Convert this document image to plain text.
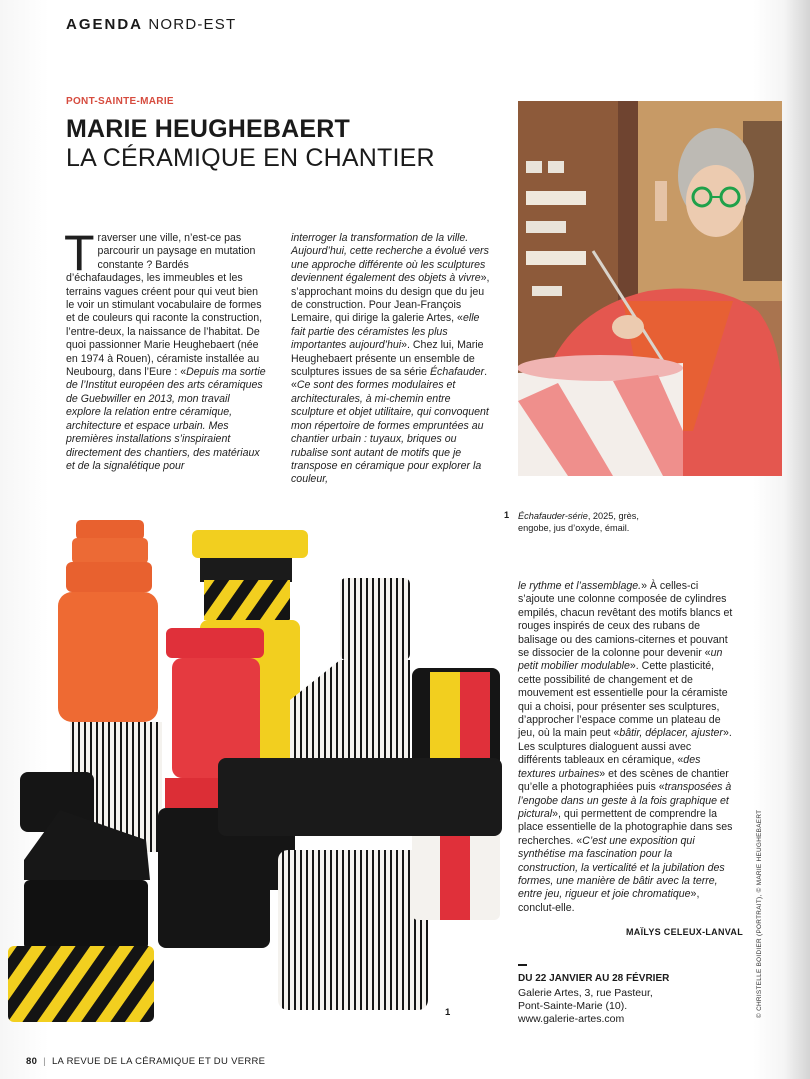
AGENDA NORD-EST
PONT-SAINTE-MARIE
MARIE HEUGHEBAERT
LA CÉRAMIQUE EN CHANTIER
Traverser une ville, n’est-ce pas parcourir un paysage en mutation constante ? Bardés d’échafaudages, les immeubles et les terrains vagues créent pour qui veut bien le voir un stimulant vocabulaire de formes et de couleurs qui raconte la construction, l’entre-deux, la naissance de l’habitat. De quoi passionner Marie Heughebaert (née en 1974 à Rouen), céramiste installée au Neubourg, dans l’Eure : «Depuis ma sortie de l’Institut européen des arts céramiques de Guebwiller en 2013, mon travail explore la relation entre céramique, architecture et espace urbain. Mes premières installations s’inspiraient directement des chantiers, des matériaux et de la signalétique pour
interroger la transformation de la ville. Aujourd’hui, cette recherche a évolué vers une approche différente où les sculptures deviennent également des objets à vivre», s’approchant moins du design que du jeu de construction. Pour Jean-François Lemaire, qui dirige la galerie Artes, «elle fait partie des céramistes les plus importantes aujourd’hui». Chez lui, Marie Heughebaert présente un ensemble de sculptures issues de sa série Échafauder. «Ce sont des formes modulaires et architecturales, à mi-chemin entre sculpture et objet utilitaire, qui convoquent mon répertoire de formes empruntées au chantier urbain : tuyaux, briques ou rubalise sont autant de motifs que je transpose en céramique pour explorer la couleur,
1 Échafauder-série, 2025, grès, engobe, jus d’oxyde, émail.
1
le rythme et l’assemblage.» À celles-ci s’ajoute une colonne composée de cylindres empilés, chacun revêtant des motifs blancs et rouges inspirés de ceux des rubans de balisage ou des camions-citernes et pouvant se dissocier de la colonne pour devenir «un petit mobilier modulable». Cette plasticité, cette possibilité de changement et de mouvement est essentielle pour la céramiste qui a choisi, pour présenter ses sculptures, d’approcher l’espace comme un plateau de jeu, où la main peut «bâtir, déplacer, ajuster». Les sculptures dialoguent aussi avec différents tableaux en céramique, «des textures urbaines» et des scènes de chantier qu’elle a photographiées puis «transposées à l’engobe dans un geste à la fois graphique et pictural», qui permettent de comprendre la place essentielle de la photographie dans ses recherches. «C’est une exposition qui synthétise ma fascination pour la construction, la verticalité et la jubilation des formes, une manière de bâtir avec la terre, entre jeu, rigueur et joie chromatique», conclut-elle.
MAÏLYS CELEUX-LANVAL
DU 22 JANVIER AU 28 FÉVRIER
Galerie Artes, 3, rue Pasteur,
Pont-Sainte-Marie (10).
www.galerie-artes.com
© CHRISTELLE BOIDIER (PORTRAIT), © MARIE HEUGHEBAERT
80 | LA REVUE DE LA CÉRAMIQUE ET DU VERRE
